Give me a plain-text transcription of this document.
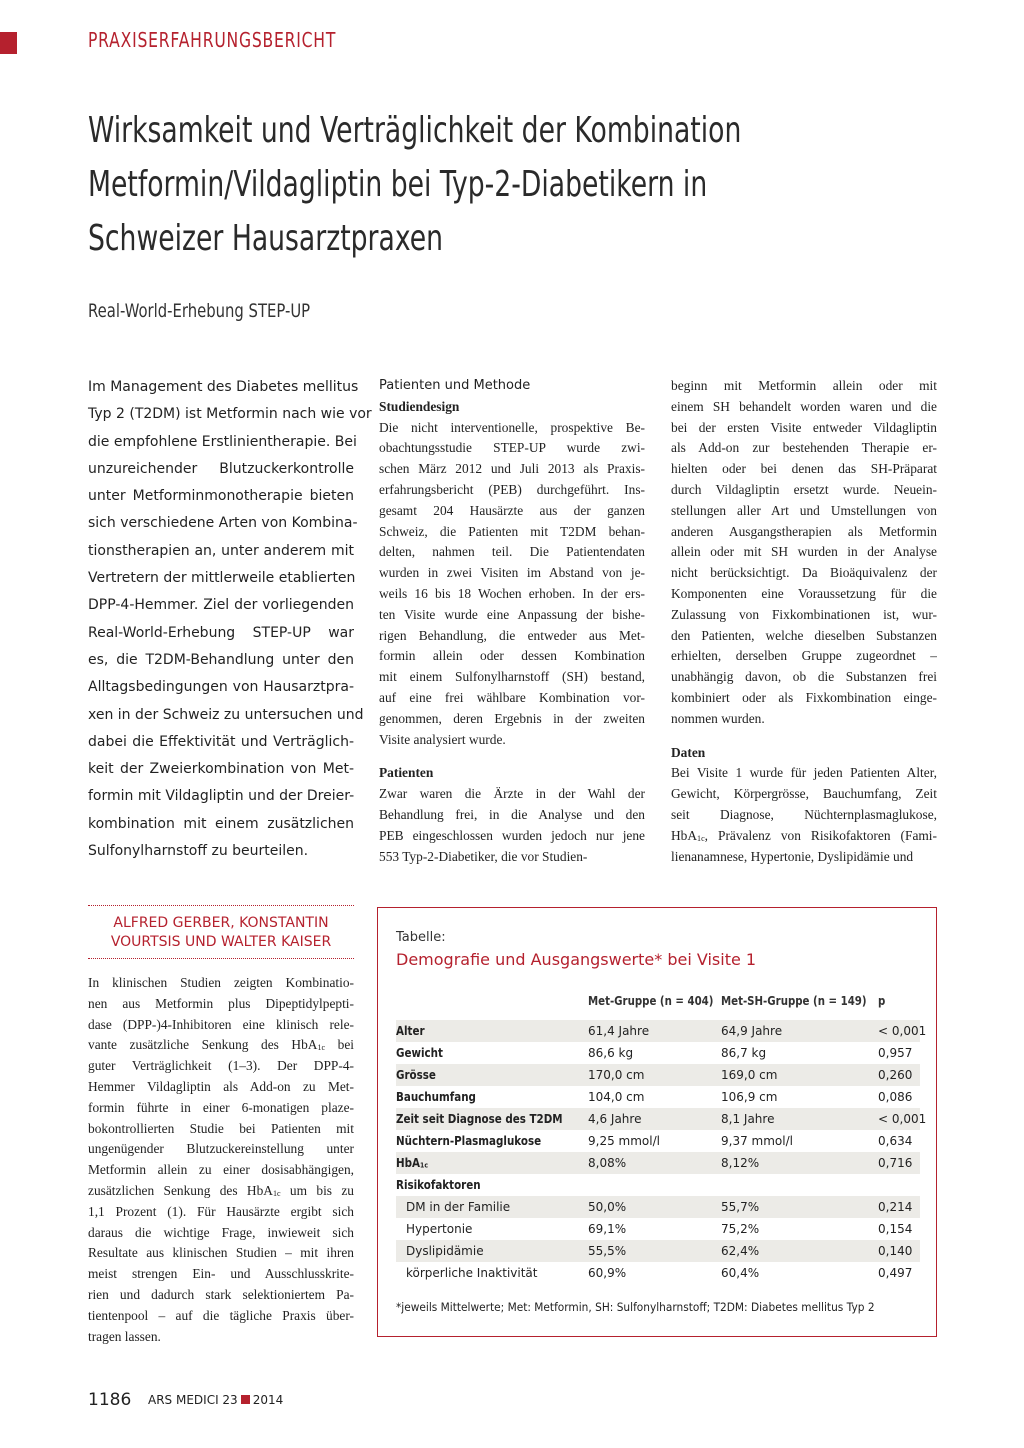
PRAXISERFAHRUNGSBERICHT
Wirksamkeit und Verträglichkeit der Kombination
Metformin/Vildagliptin bei Typ-2-Diabetikern in
Schweizer Hausarztpraxen
Real-World-Erhebung STEP-UP
Im Management des Diabetes mellitus
Typ 2 (T2DM) ist Metformin nach wie vor
die empfohlene Erstlinientherapie. Bei
unzureichender Blutzuckerkontrolle
unter Metforminmonotherapie bieten
sich verschiedene Arten von Kombina-
tionstherapien an, unter anderem mit
Vertretern der mittlerweile etablierten
DPP-4-Hemmer. Ziel der vorliegenden
Real-World-Erhebung STEP-UP war
es, die T2DM-Behandlung unter den
Alltagsbedingungen von Hausarztpra-
xen in der Schweiz zu untersuchen und
dabei die Effektivität und Verträglich-
keit der Zweierkombination von Met-
formin mit Vildagliptin und der Dreier-
kombination mit einem zusätzlichen
Sulfonylharnstoff zu beurteilen.
ALFRED GERBER, KONSTANTIN VOURTSIS UND WALTER KAISER
In klinischen Studien zeigten Kombinatio-
nen aus Metformin plus Dipeptidylpepti-
dase (DPP-)4-Inhibitoren eine klinisch rele-
vante zusätzliche Senkung des HbA$_{1c}$ bei
guter Verträglichkeit (1–3). Der DPP-4-
Hemmer Vildagliptin als Add-on zu Met-
formin führte in einer 6-monatigen plaze-
bokontrollierten Studie bei Patienten mit
ungenügender Blutzuckereinstellung unter
Metformin allein zu einer dosisabhängigen,
zusätzlichen Senkung des HbA$_{1c}$ um bis zu
1,1 Prozent (1). Für Hausärzte ergibt sich
daraus die wichtige Frage, inwieweit sich
Resultate aus klinischen Studien – mit ihren
meist strengen Ein- und Ausschlusskrite-
rien und dadurch stark selektioniertem Pa-
tientenpool – auf die tägliche Praxis über-
tragen lassen.
Patienten und Methode
Studiendesign
Die nicht interventionelle, prospektive Be-
obachtungsstudie STEP-UP wurde zwi-
schen März 2012 und Juli 2013 als Praxis-
erfahrungsbericht (PEB) durchgeführt. Ins-
gesamt 204 Hausärzte aus der ganzen
Schweiz, die Patienten mit T2DM behan-
delten, nahmen teil. Die Patientendaten
wurden in zwei Visiten im Abstand von je-
weils 16 bis 18 Wochen erhoben. In der ers-
ten Visite wurde eine Anpassung der bishe-
rigen Behandlung, die entweder aus Met-
formin allein oder dessen Kombination
mit einem Sulfonylharnstoff (SH) bestand,
auf eine frei wählbare Kombination vor-
genommen, deren Ergebnis in der zweiten
Visite analysiert wurde.
Patienten
Zwar waren die Ärzte in der Wahl der
Behandlung frei, in die Analyse und den
PEB eingeschlossen wurden jedoch nur jene
553 Typ-2-Diabetiker, die vor Studien-
beginn mit Metformin allein oder mit
einem SH behandelt worden waren und die
bei der ersten Visite entweder Vildagliptin
als Add-on zur bestehenden Therapie er-
hielten oder bei denen das SH-Präparat
durch Vildagliptin ersetzt wurde. Neuein-
stellungen aller Art und Umstellungen von
anderen Ausgangstherapien als Metformin
allein oder mit SH wurden in der Analyse
nicht berücksichtigt. Da Bioäquivalenz der
Komponenten eine Voraussetzung für die
Zulassung von Fixkombinationen ist, wur-
den Patienten, welche dieselben Substanzen
erhielten, derselben Gruppe zugeordnet –
unabhängig davon, ob die Substanzen frei
kombiniert oder als Fixkombination einge-
nommen wurden.
Daten
Bei Visite 1 wurde für jeden Patienten Alter,
Gewicht, Körpergrösse, Bauchumfang, Zeit
seit Diagnose, Nüchternplasmaglukose,
HbA$_{1c}$, Prävalenz von Risikofaktoren (Fami-
lienanamnese, Hypertonie, Dyslipidämie und
Tabelle:
Demografie und Ausgangswerte* bei Visite 1
Met-Gruppe (n = 404) Met-SH-Gruppe (n = 149) p
Alter	61,4 Jahre	64,9 Jahre	< 0,001
Gewicht	86,6 kg	86,7 kg	0,957
Grösse	170,0 cm	169,0 cm	0,260
Bauchumfang	104,0 cm	106,9 cm	0,086
Zeit seit Diagnose des T2DM 4,6 Jahre	8,1 Jahre	< 0,001
Nüchtern-Plasmaglukose	9,25 mmol/l	9,37 mmol/l	0,634
HbA$_{1c}$	8,08%	8,12%	0,716
Risikofaktoren
DM in der Familie	50,0%	55,7%	0,214
Hypertonie	69,1%	75,2%	0,154
Dyslipidämie	55,5%	62,4%	0,140
körperliche Inaktivität	60,9%	60,4%	0,497
*jeweils Mittelwerte; Met: Metformin, SH: Sulfonylharnstoff; T2DM: Diabetes mellitus Typ 2
1186 ARS MEDICI 23 2014
